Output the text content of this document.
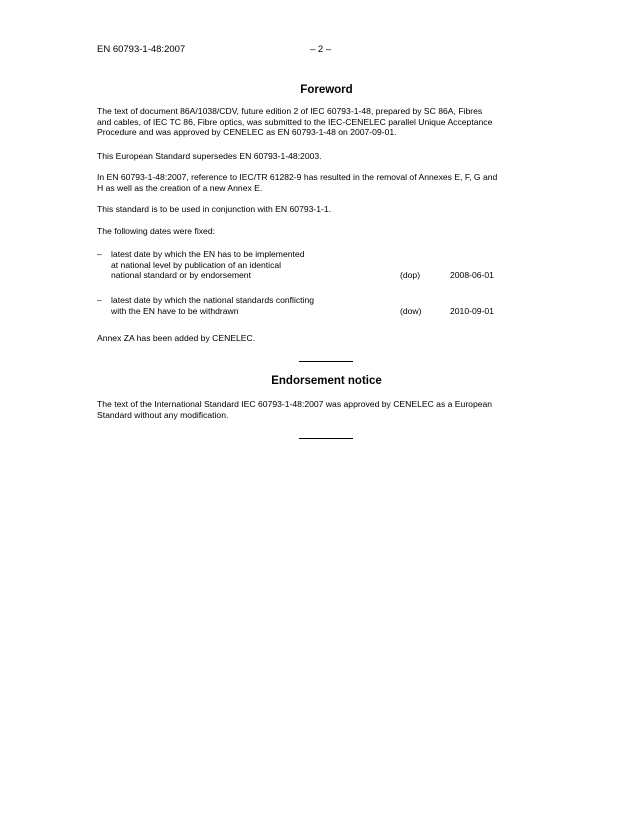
EN 60793-1-48:2007	– 2 –
Foreword
The text of document 86A/1038/CDV, future edition 2 of IEC 60793-1-48, prepared by SC 86A, Fibres
and cables, of IEC TC 86, Fibre optics, was submitted to the IEC-CENELEC parallel Unique Acceptance
Procedure and was approved by CENELEC as EN 60793-1-48 on 2007-09-01.
This European Standard supersedes EN 60793-1-48:2003.
In EN 60793-1-48:2007, reference to IEC/TR 61282-9 has resulted in the removal of Annexes E, F, G and
H as well as the creation of a new Annex E.
This standard is to be used in conjunction with EN 60793-1-1.
The following dates were fixed:
– latest date by which the EN has to be implemented
at national level by publication of an identical
national standard or by endorsement	(dop)	2008-06-01
– latest date by which the national standards conflicting
with the EN have to be withdrawn	(dow)	2010-09-01
Annex ZA has been added by CENELEC.
Endorsement notice
The text of the International Standard IEC 60793-1-48:2007 was approved by CENELEC as a European
Standard without any modification.
